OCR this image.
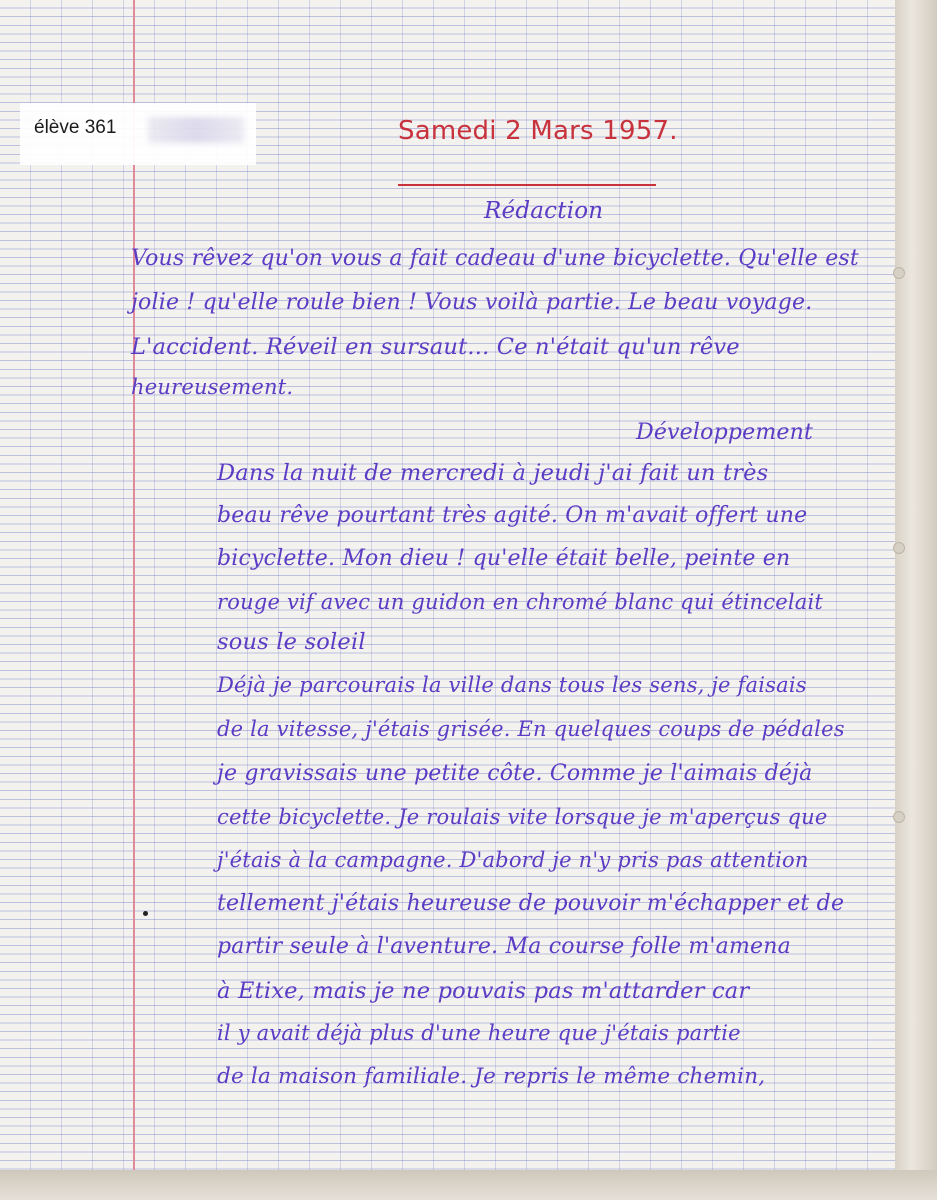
élève 361	Samedi 2 Mars 1957.
Rédaction
Vous rêvez qu'on vous a fait cadeau d'une bicyclette. Qu'elle est
jolie ! qu'elle roule bien ! Vous voilà partie. Le beau voyage.
L'accident. Réveil en sursaut... Ce n'était qu'un rêve
heureusement.
Développement
Dans la nuit de mercredi à jeudi j'ai fait un très
beau rêve pourtant très agité. On m'avait offert une
bicyclette. Mon dieu ! qu'elle était belle, peinte en
rouge vif avec un guidon en chromé blanc qui étincelait
sous le soleil
Déjà je parcourais la ville dans tous les sens, je faisais
de la vitesse, j'étais grisée. En quelques coups de pédales
je gravissais une petite côte. Comme je l'aimais déjà
cette bicyclette. Je roulais vite lorsque je m'aperçus que
j'étais à la campagne. D'abord je n'y pris pas attention
tellement j'étais heureuse de pouvoir m'échapper et de
partir seule à l'aventure. Ma course folle m'amena
à Etixe, mais je ne pouvais pas m'attarder car
il y avait déjà plus d'une heure que j'étais partie
de la maison familiale. Je repris le même chemin,
